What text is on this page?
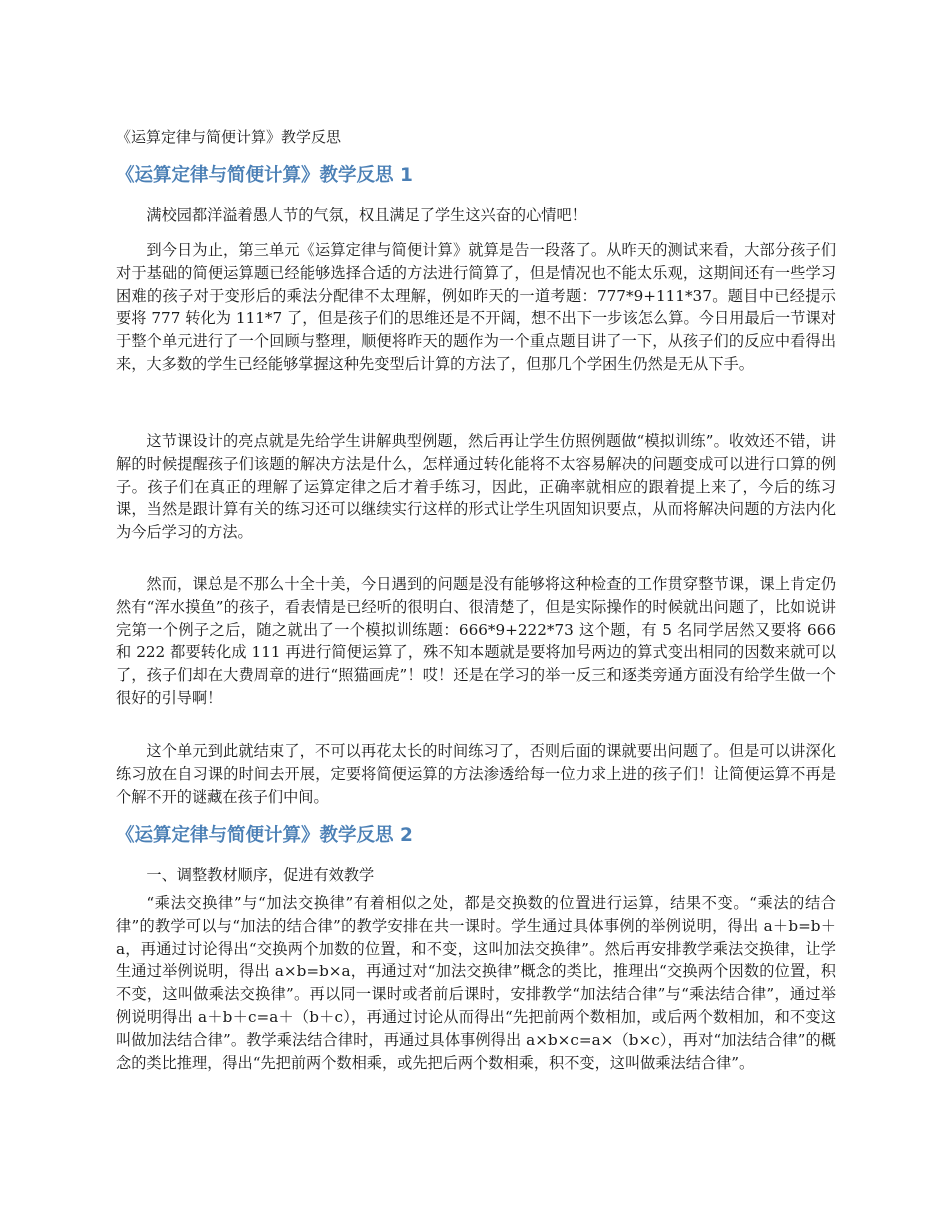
《运算定律与简便计算》教学反思
《运算定律与简便计算》教学反思 1

满校园都洋溢着愚人节的气氛，权且满足了学生这兴奋的心情吧！

到今日为止，第三单元《运算定律与简便计算》就算是告一段落了。从昨天的测试来看，大部分孩子们对于基础的简便运算题已经能够选择合适的方法进行简算了，但是情况也不能太乐观，这期间还有一些学习困难的孩子对于变形后的乘法分配律不太理解，例如昨天的一道考题：777*9+111*37。题目中已经提示要将 777 转化为 111*7 了，但是孩子们的思维还是不开阔，想不出下一步该怎么算。今日用最后一节课对于整个单元进行了一个回顾与整理，顺便将昨天的题作为一个重点题目讲了一下，从孩子们的反应中看得出来，大多数的学生已经能够掌握这种先变型后计算的方法了，但那几个学困生仍然是无从下手。

这节课设计的亮点就是先给学生讲解典型例题，然后再让学生仿照例题做“模拟训练”。收效还不错，讲解的时候提醒孩子们该题的解决方法是什么，怎样通过转化能将不太容易解决的问题变成可以进行口算的例子。孩子们在真正的理解了运算定律之后才着手练习，因此，正确率就相应的跟着提上来了，今后的练习课，当然是跟计算有关的练习还可以继续实行这样的形式让学生巩固知识要点，从而将解决问题的方法内化为今后学习的方法。

然而，课总是不那么十全十美，今日遇到的问题是没有能够将这种检查的工作贯穿整节课，课上肯定仍然有“浑水摸鱼”的孩子，看表情是已经听的很明白、很清楚了，但是实际操作的时候就出问题了，比如说讲完第一个例子之后，随之就出了一个模拟训练题：666*9+222*73 这个题，有 5 名同学居然又要将 666 和 222 都要转化成 111 再进行简便运算了，殊不知本题就是要将加号两边的算式变出相同的因数来就可以了，孩子们却在大费周章的进行“照猫画虎”！哎！还是在学习的举一反三和逐类旁通方面没有给学生做一个很好的引导啊！

这个单元到此就结束了，不可以再花太长的时间练习了，否则后面的课就要出问题了。但是可以讲深化练习放在自习课的时间去开展，定要将简便运算的方法渗透给每一位力求上进的孩子们！让简便运算不再是个解不开的谜藏在孩子们中间。

《运算定律与简便计算》教学反思 2

一、调整教材顺序，促进有效教学

“乘法交换律”与“加法交换律”有着相似之处，都是交换数的位置进行运算，结果不变。“乘法的结合律”的教学可以与“加法的结合律”的教学安排在共一课时。学生通过具体事例的举例说明，得出 a＋b=b＋a，再通过讨论得出“交换两个加数的位置，和不变，这叫加法交换律”。然后再安排教学乘法交换律，让学生通过举例说明，得出 a×b=b×a，再通过对“加法交换律”概念的类比，推理出“交换两个因数的位置，积不变，这叫做乘法交换律”。再以同一课时或者前后课时，安排教学“加法结合律”与“乘法结合律”，通过举例说明得出 a＋b＋c=a＋（b＋c），再通过讨论从而得出“先把前两个数相加，或后两个数相加，和不变这叫做加法结合律”。教学乘法结合律时，再通过具体事例得出 a×b×c=a×（b×c），再对“加法结合律”的概念的类比推理，得出“先把前两个数相乘，或先把后两个数相乘，积不变，这叫做乘法结合律”。
